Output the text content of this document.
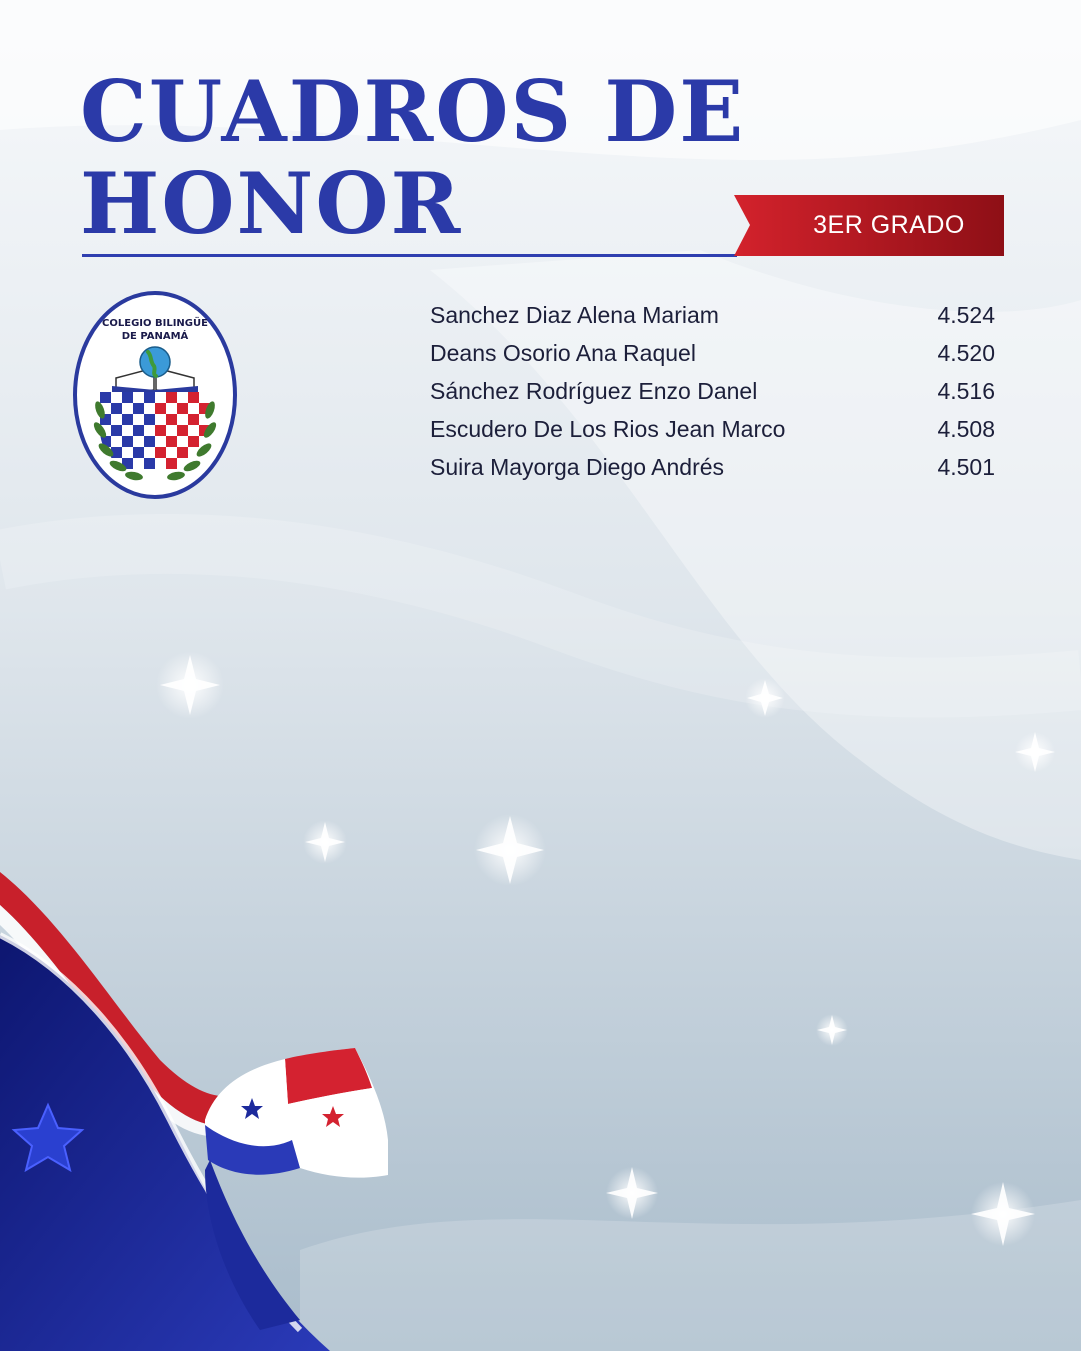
CUADROS DE
HONOR	3ER GRADO
COLEGIO BILINGÜE
DE PANAMÁ
Sanchez Diaz Alena Mariam	4.524
Deans Osorio Ana Raquel	4.520
Sánchez Rodríguez Enzo Danel	4.516
Escudero De Los Rios Jean Marco	4.508
Suira Mayorga Diego Andrés	4.501
